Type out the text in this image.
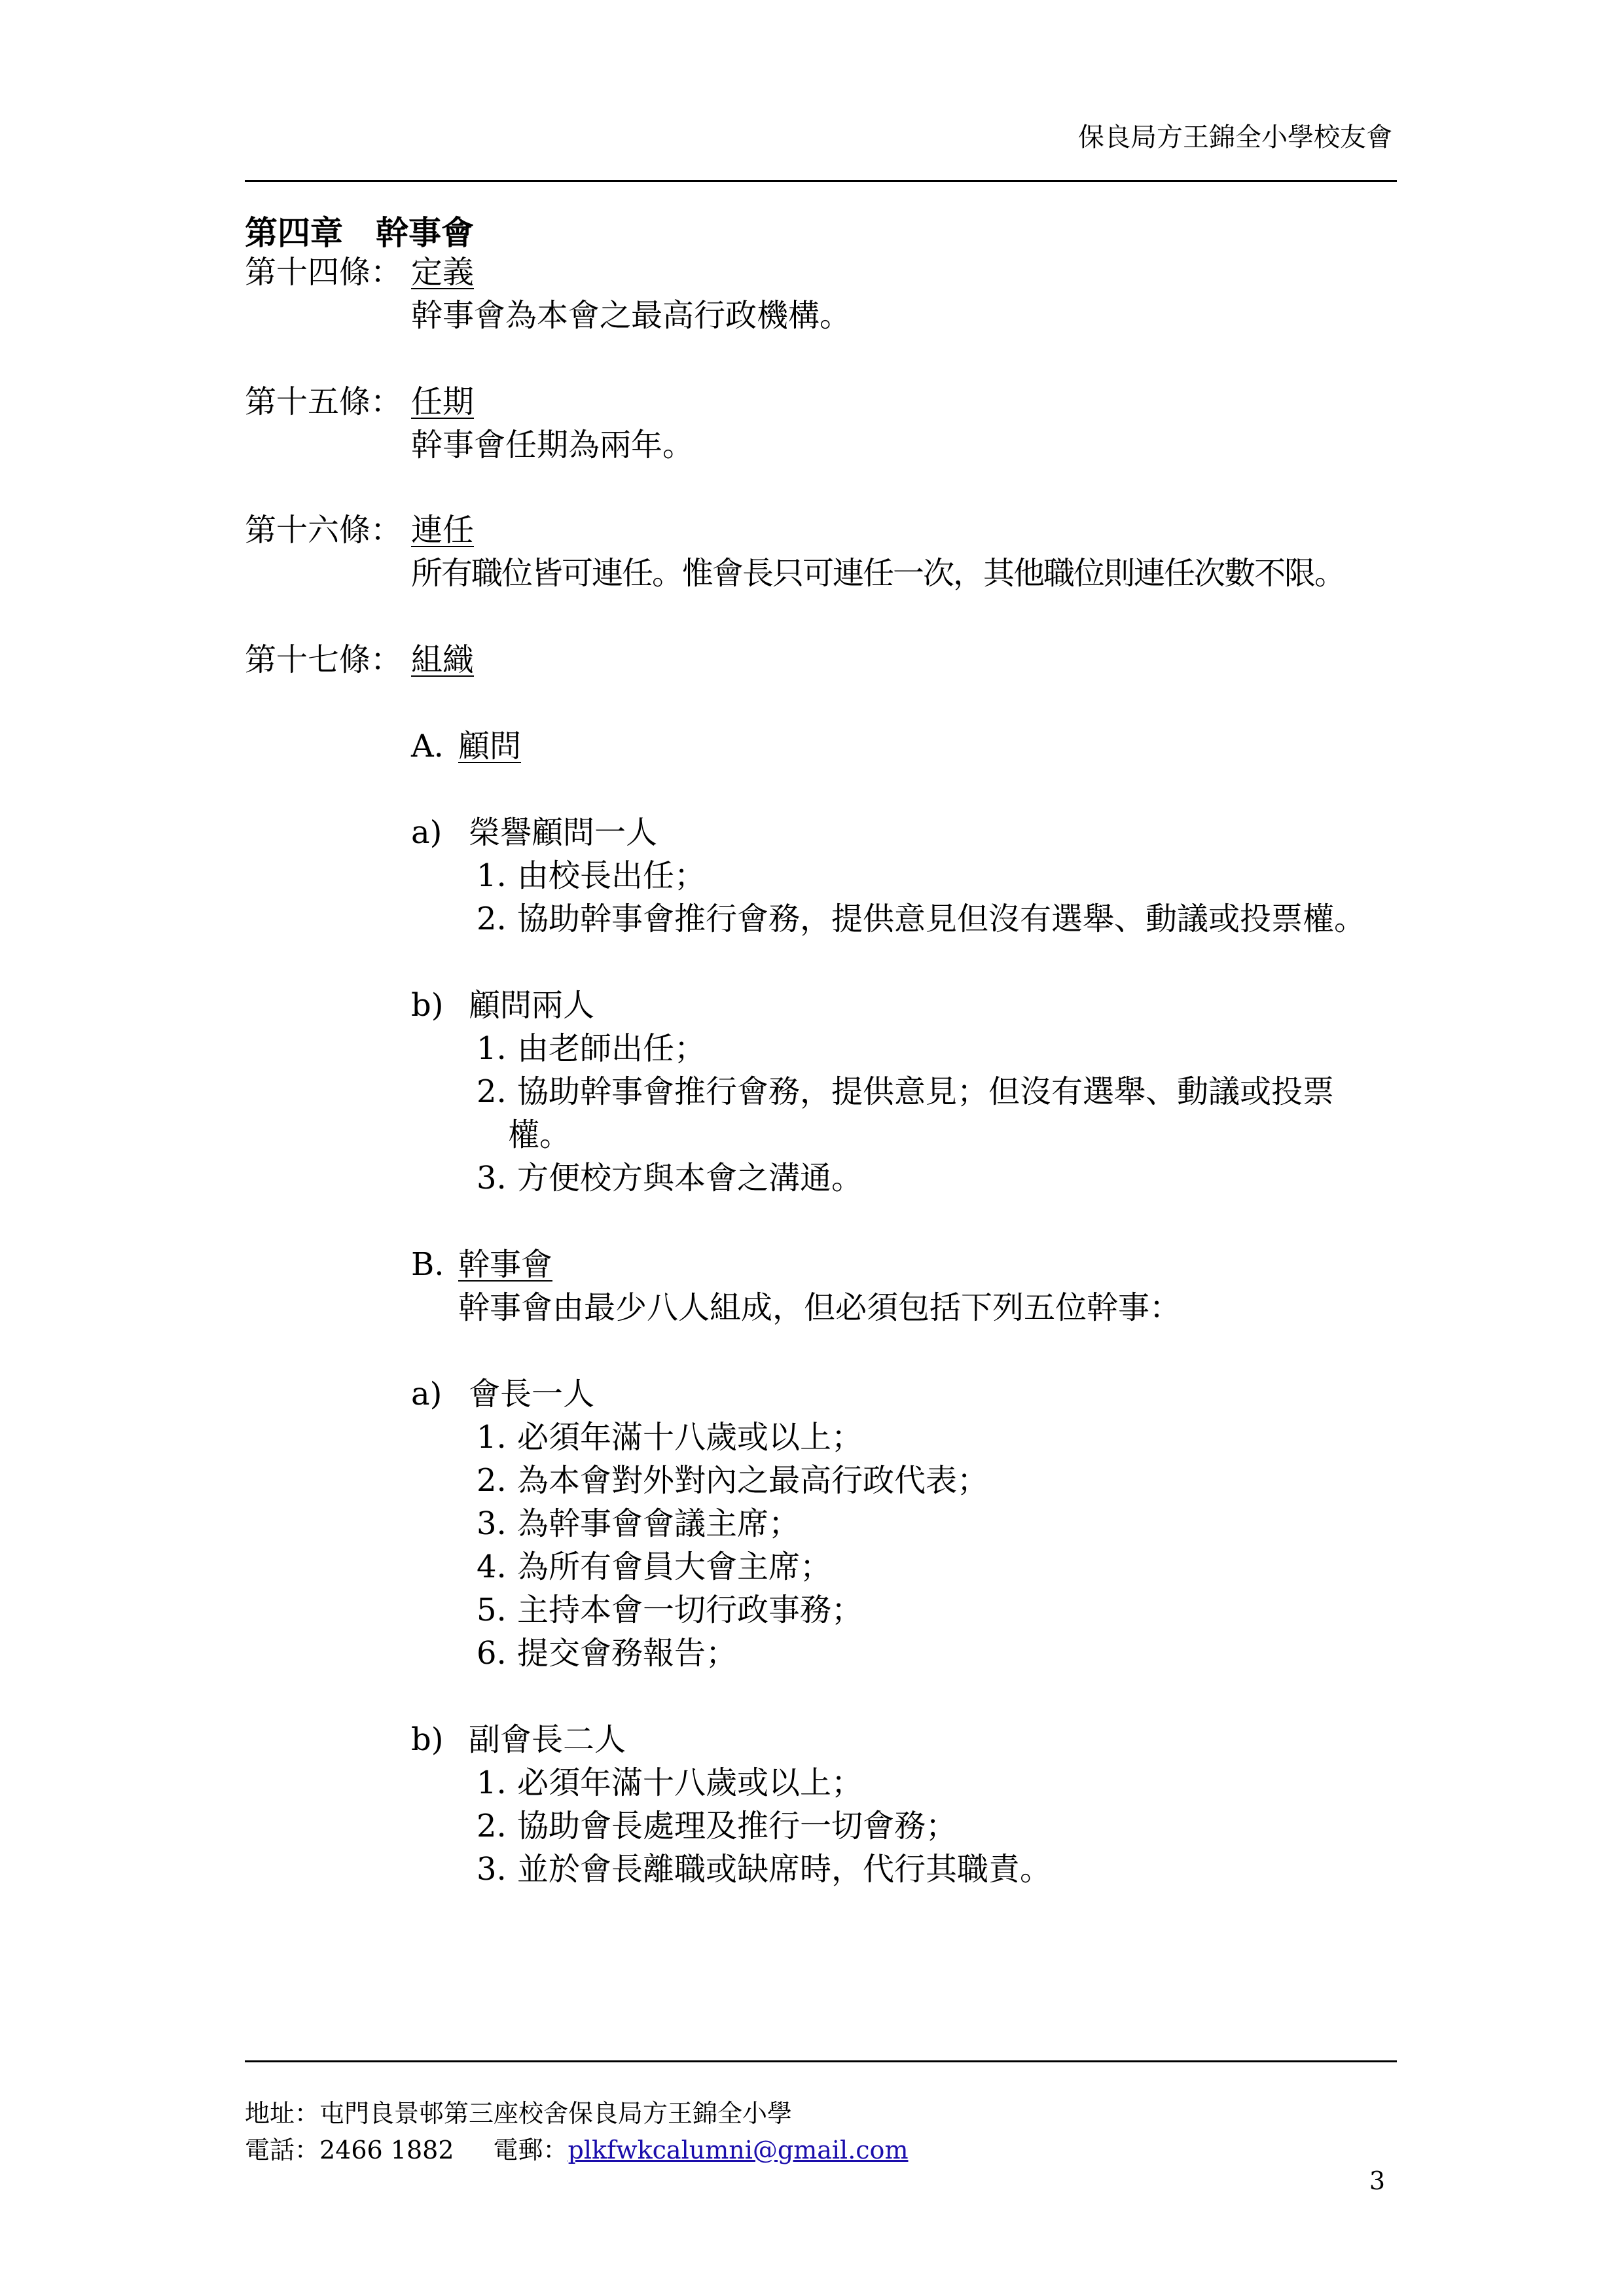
保良局方王錦全小學校友會
第四章　幹事會
第十四條： 定義
幹事會為本會之最高行政機構。
第十五條： 任期
幹事會任期為兩年。
第十六條： 連任
所有職位皆可連任。惟會長只可連任一次，其他職位則連任次數不限。
第十七條： 組織
A. 顧問
a) 榮譽顧問一人
1. 由校長出任；
2. 協助幹事會推行會務，提供意見但沒有選舉、動議或投票權。
b) 顧問兩人
1. 由老師出任；
2. 協助幹事會推行會務，提供意見；但沒有選舉、動議或投票
權。
3. 方便校方與本會之溝通。
B. 幹事會
幹事會由最少八人組成，但必須包括下列五位幹事：
a) 會長一人
1. 必須年滿十八歲或以上；
2. 為本會對外對內之最高行政代表；
3. 為幹事會會議主席；
4. 為所有會員大會主席；
5. 主持本會一切行政事務；
6. 提交會務報告；
b) 副會長二人
1. 必須年滿十八歲或以上；
2. 協助會長處理及推行一切會務；
3. 並於會長離職或缺席時，代行其職責。
地址：屯門良景邨第三座校舍保良局方王錦全小學
電話：2466 1882 電郵：plkfwkcalumni@gmail.com
3
